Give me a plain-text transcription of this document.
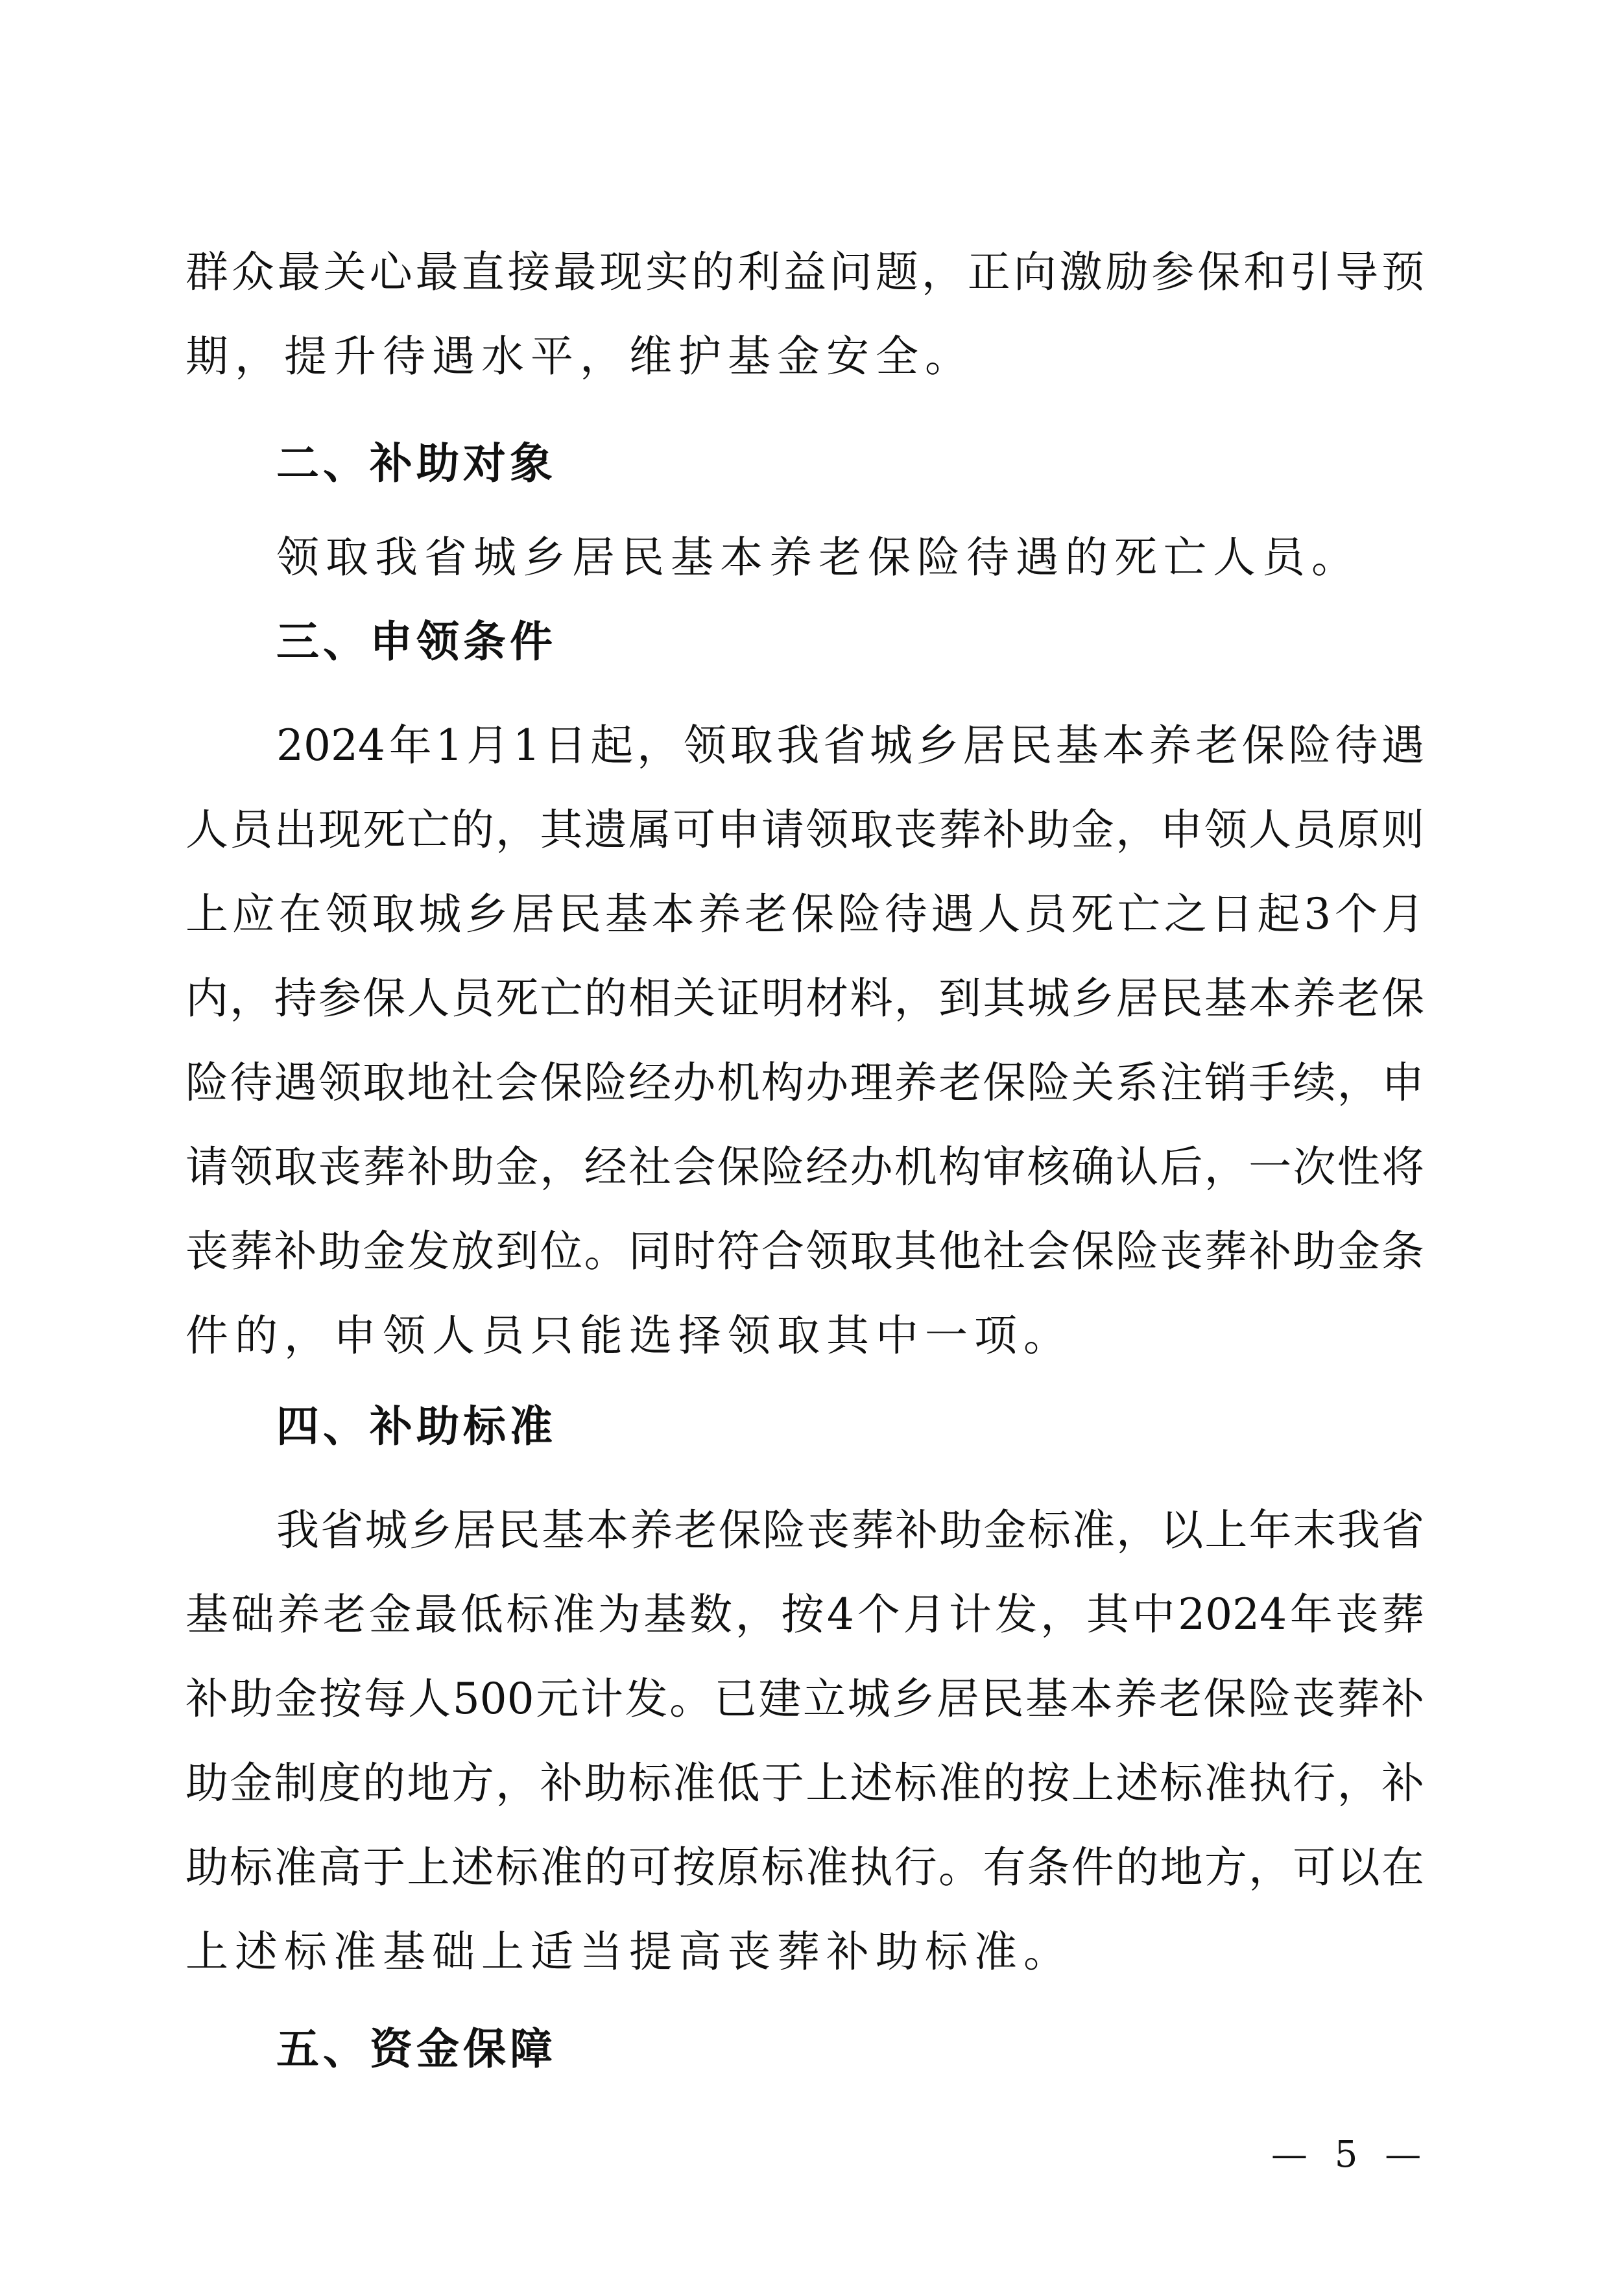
群众最关心最直接最现实的利益问题，正向激励参保和引导预
期，提升待遇水平，维护基金安全。
二、补助对象
领取我省城乡居民基本养老保险待遇的死亡人员。
三、申领条件
2024年1月1日起，领取我省城乡居民基本养老保险待遇
人员出现死亡的，其遗属可申请领取丧葬补助金，申领人员原则
上应在领取城乡居民基本养老保险待遇人员死亡之日起3个月
内，持参保人员死亡的相关证明材料，到其城乡居民基本养老保
险待遇领取地社会保险经办机构办理养老保险关系注销手续，申
请领取丧葬补助金，经社会保险经办机构审核确认后，一次性将
丧葬补助金发放到位。同时符合领取其他社会保险丧葬补助金条
件的，申领人员只能选择领取其中一项。
四、补助标准
我省城乡居民基本养老保险丧葬补助金标准，以上年末我省
基础养老金最低标准为基数，按4个月计发，其中2024年丧葬
补助金按每人500元计发。已建立城乡居民基本养老保险丧葬补
助金制度的地方，补助标准低于上述标准的按上述标准执行，补
助标准高于上述标准的可按原标准执行。有条件的地方，可以在
上述标准基础上适当提高丧葬补助标准。
五、资金保障
— 5 —
